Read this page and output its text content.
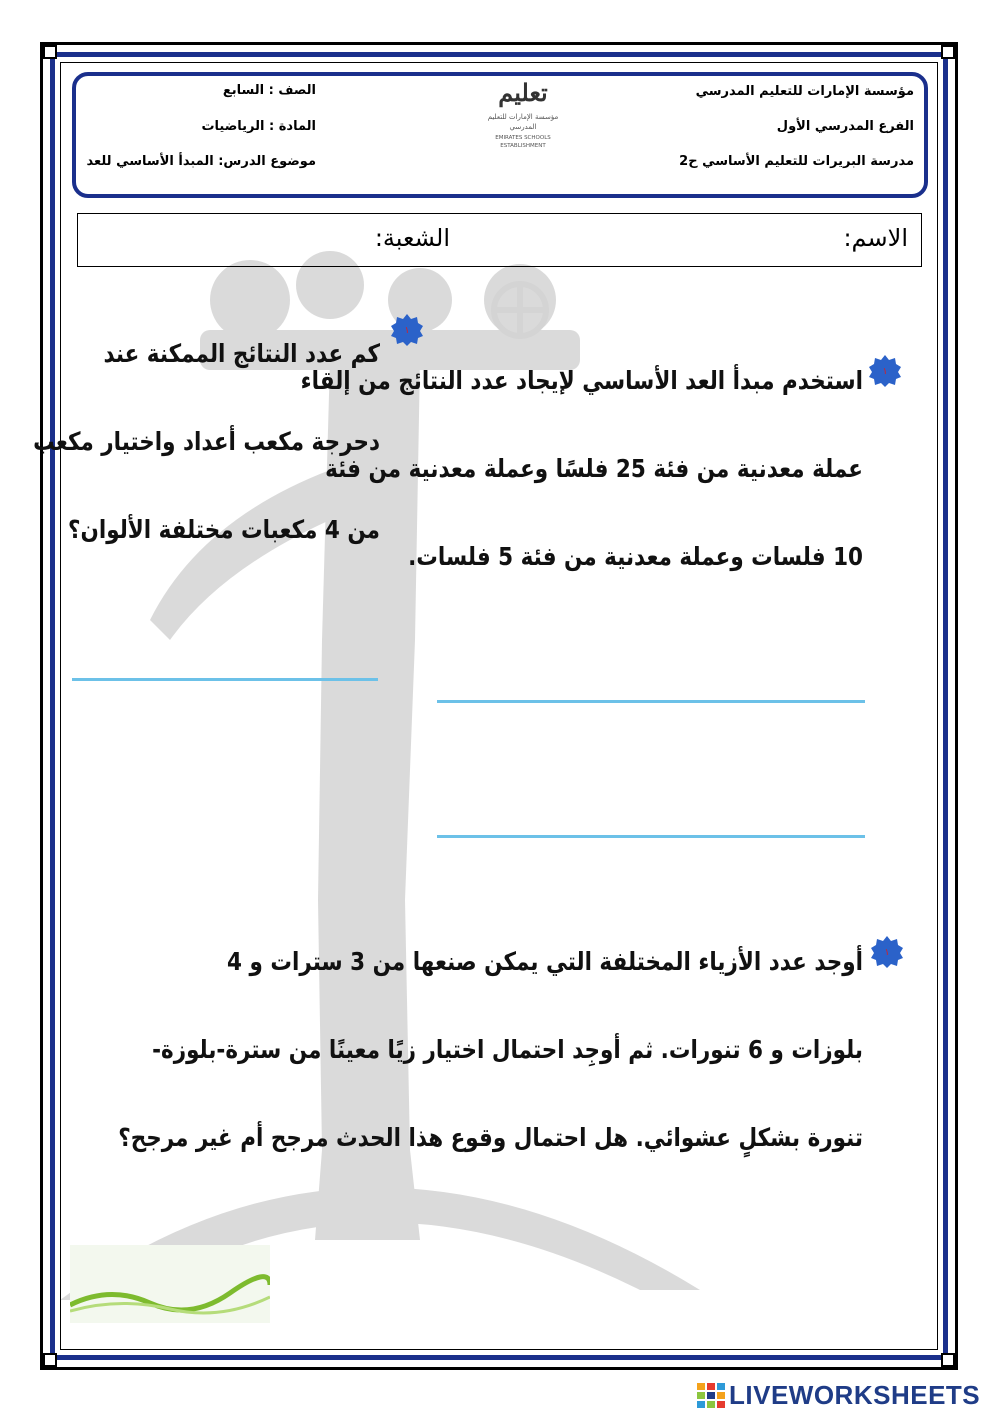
مؤسسة الإمارات للتعليم المدرسي
الفرع المدرسي الأول
مدرسة البريرات للتعليم الأساسي ح2
الصف : السابع
المادة : الرياضيات
موضوع الدرس: المبدأ الأساسي للعد
تعليم
مؤسسة الإمارات للتعليم المدرسي
EMIRATES SCHOOLS ESTABLISHMENT
الاسم:
الشعبة:
١
استخدم مبدأ العد الأساسي لإيجاد عدد النتائج من إلقاء
عملة معدنية من فئة 25 فلسًا وعملة معدنية من فئة
10 فلسات وعملة معدنية من فئة 5 فلسات.
١
كم عدد النتائج الممكنة عند
دحرجة مكعب أعداد واختيار مكعب
من 4 مكعبات مختلفة الألوان؟
١
أوجد عدد الأزياء المختلفة التي يمكن صنعها من 3 سترات و 4
بلوزات و 6 تنورات. ثم أوجِد احتمال اختيار زيًا معينًا من سترة-بلوزة-
تنورة بشكلٍ عشوائي. هل احتمال وقوع هذا الحدث مرجح أم غير مرجح؟
LIVEWORKSHEETS
